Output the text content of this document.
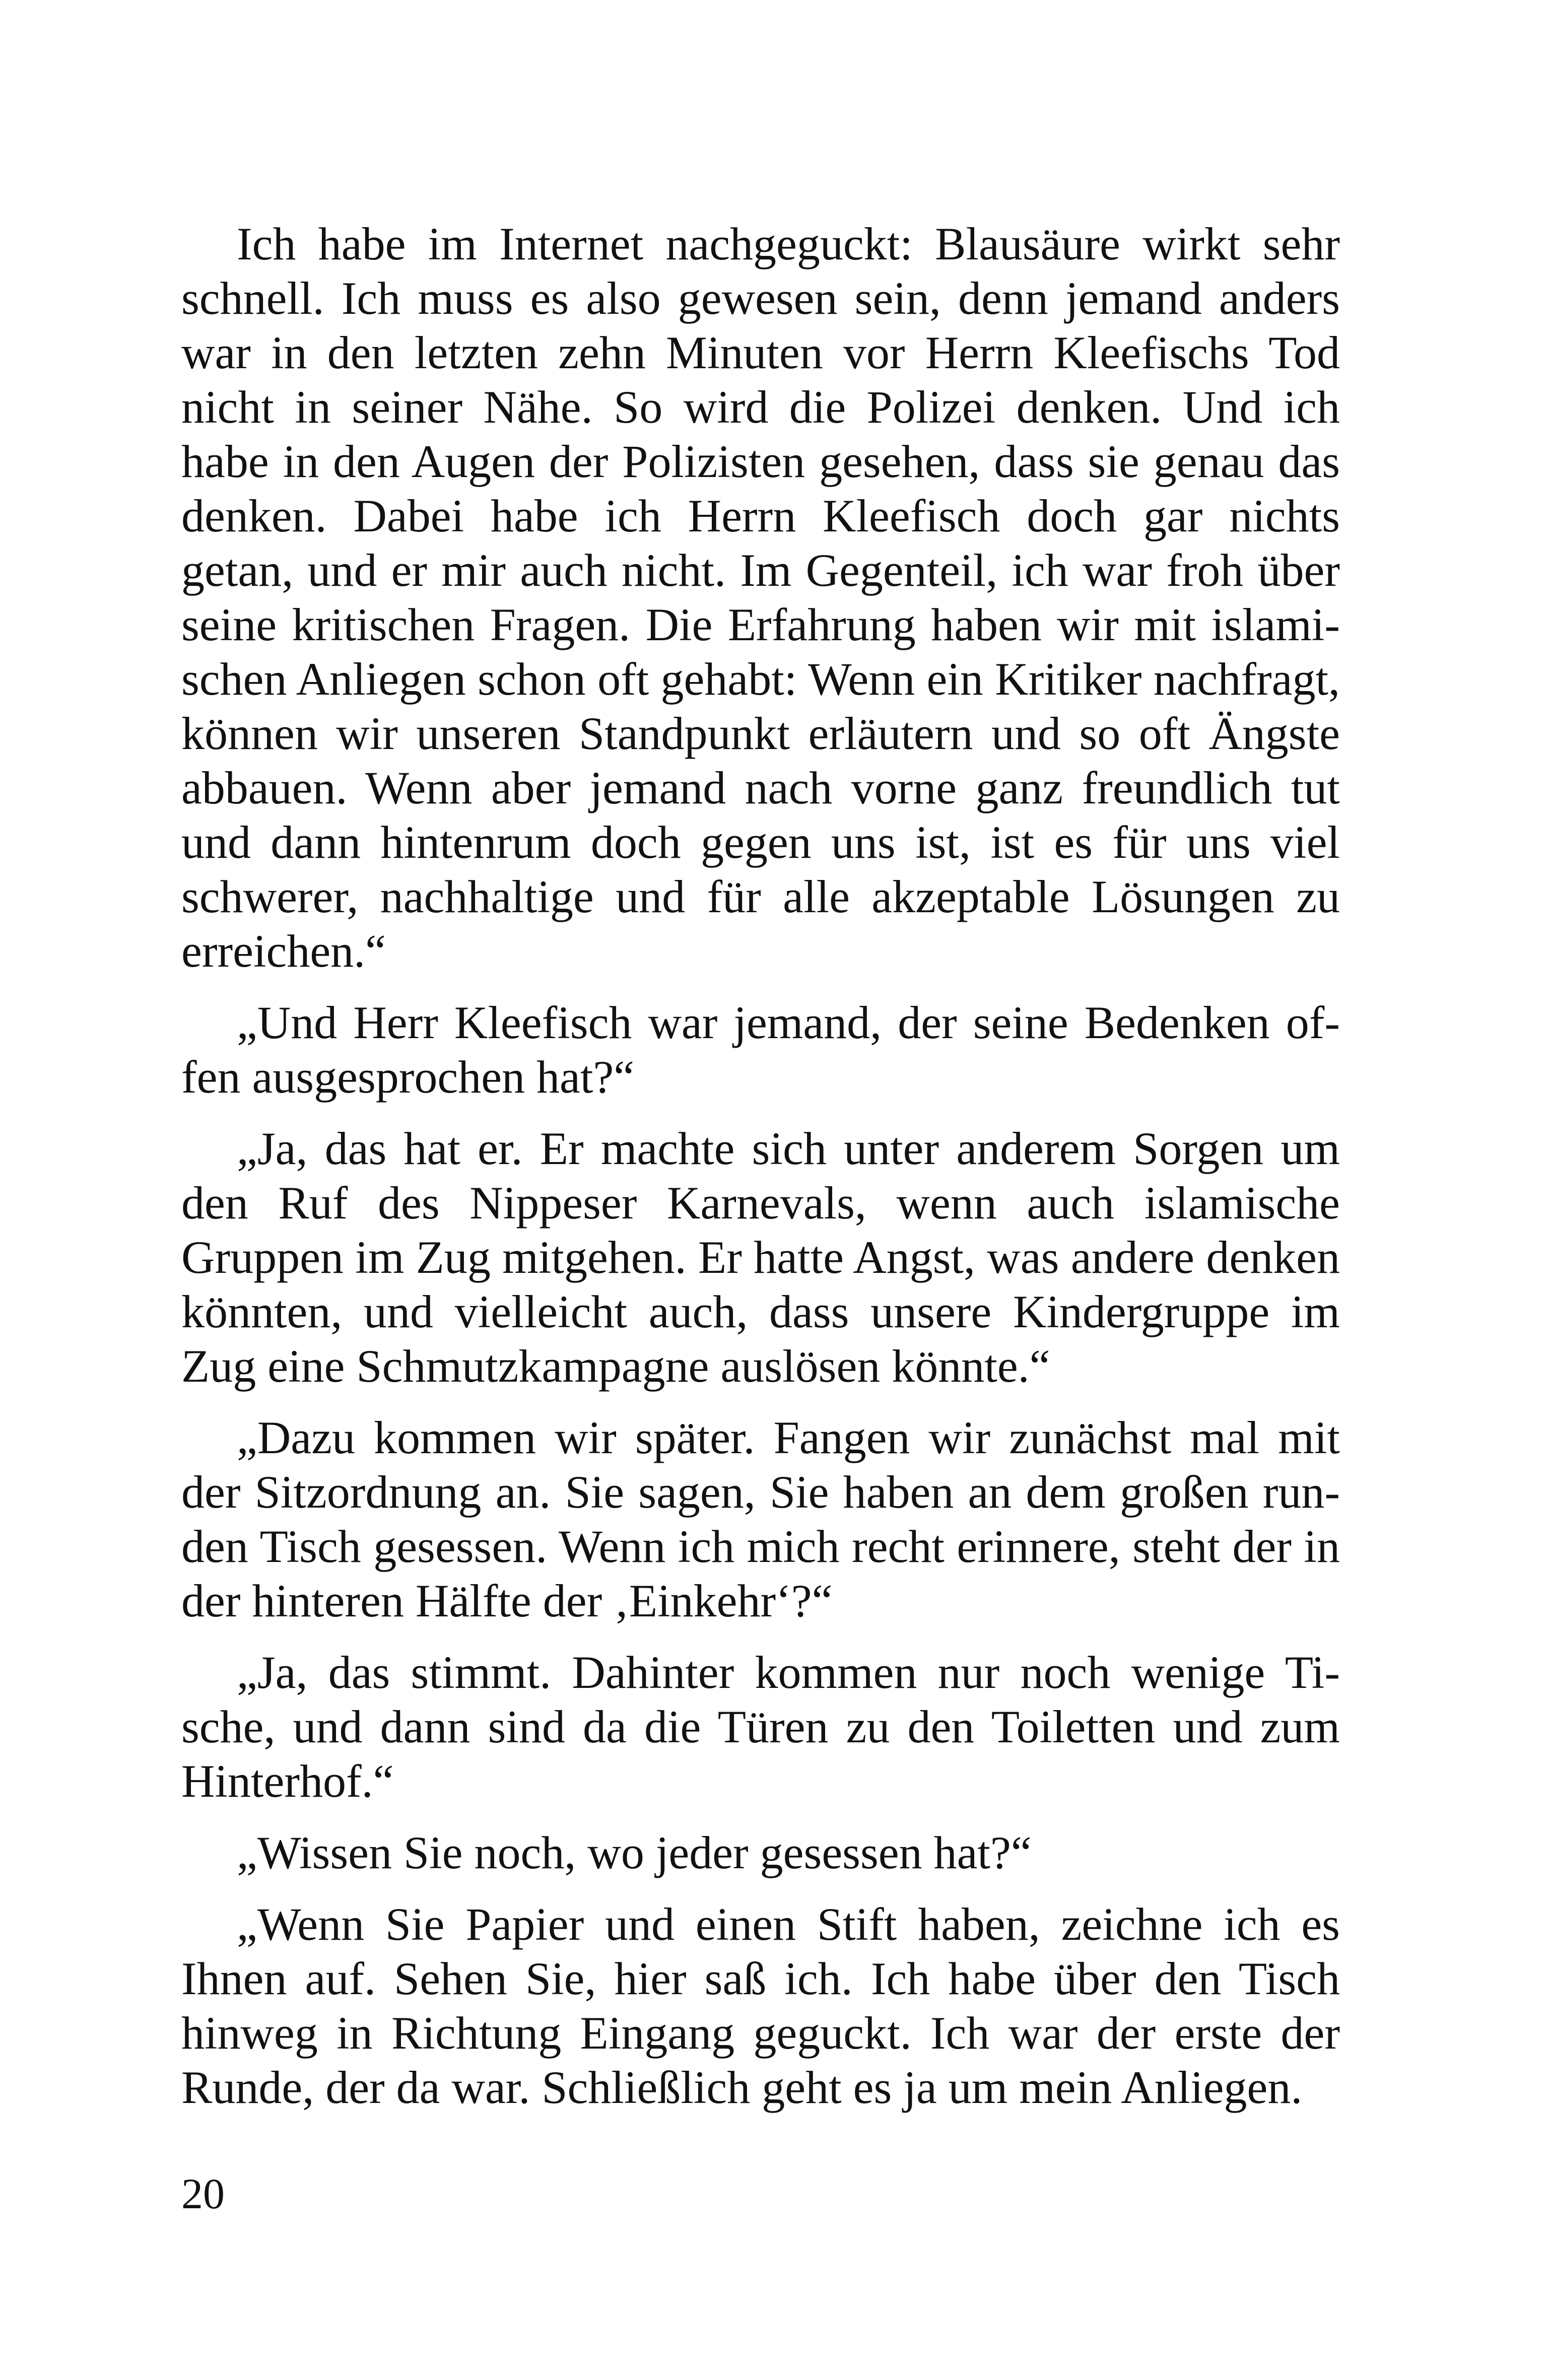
Ich habe im Internet nachgeguckt: Blausäure wirkt sehr schnell. Ich muss es also gewesen sein, denn jemand anders war in den letzten zehn Minuten vor Herrn Kleefischs Tod nicht in seiner Nähe. So wird die Polizei denken. Und ich habe in den Augen der Polizisten gesehen, dass sie genau das denken. Dabei habe ich Herrn Kleefisch doch gar nichts getan, und er mir auch nicht. Im Gegenteil, ich war froh über seine kritischen Fragen. Die Erfahrung haben wir mit islamischen Anliegen schon oft gehabt: Wenn ein Kritiker nachfragt, können wir unseren Standpunkt erläutern und so oft Ängste abbauen. Wenn aber jemand nach vorne ganz freundlich tut und dann hintenrum doch gegen uns ist, ist es für uns viel schwerer, nachhaltige und für alle akzeptable Lösungen zu erreichen.“

„Und Herr Kleefisch war jemand, der seine Bedenken offen ausgesprochen hat?“

„Ja, das hat er. Er machte sich unter anderem Sorgen um den Ruf des Nippeser Karnevals, wenn auch islamische Gruppen im Zug mitgehen. Er hatte Angst, was andere denken könnten, und vielleicht auch, dass unsere Kindergruppe im Zug eine Schmutzkampagne auslösen könnte.“

„Dazu kommen wir später. Fangen wir zunächst mal mit der Sitzordnung an. Sie sagen, Sie haben an dem großen runden Tisch gesessen. Wenn ich mich recht erinnere, steht der in der hinteren Hälfte der ‚Einkehr‘?“

„Ja, das stimmt. Dahinter kommen nur noch wenige Tische, und dann sind da die Türen zu den Toiletten und zum Hinterhof.“

„Wissen Sie noch, wo jeder gesessen hat?“

„Wenn Sie Papier und einen Stift haben, zeichne ich es Ihnen auf. Sehen Sie, hier saß ich. Ich habe über den Tisch hinweg in Richtung Eingang geguckt. Ich war der erste der Runde, der da war. Schließlich geht es ja um mein Anliegen.

20
